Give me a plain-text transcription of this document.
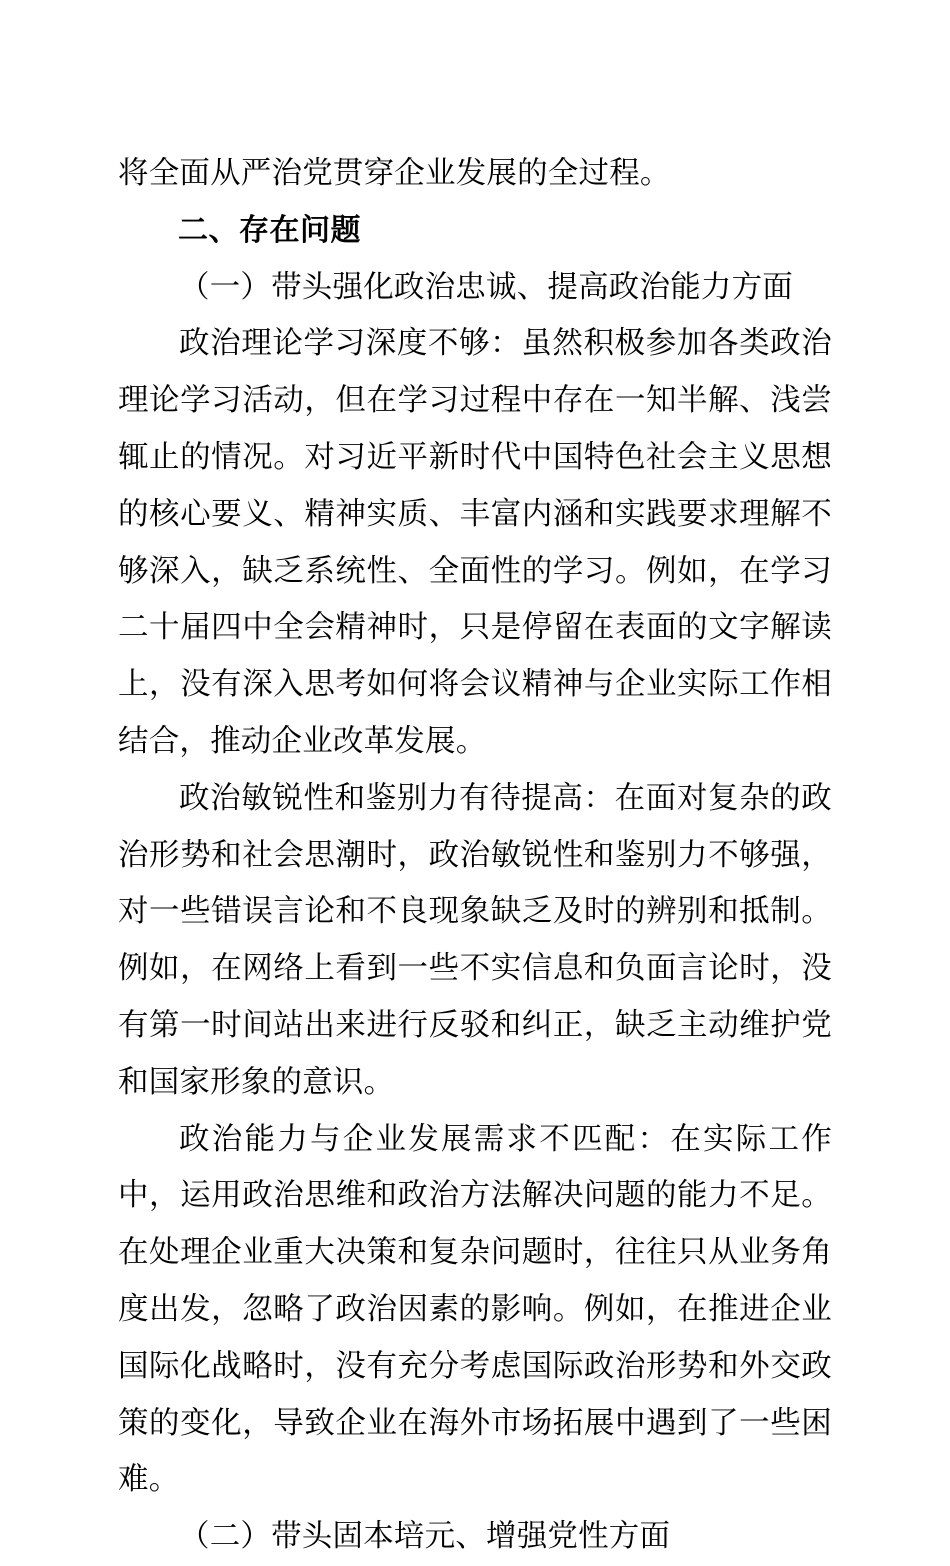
将全面从严治党贯穿企业发展的全过程。

二、存在问题
（一）带头强化政治忠诚、提高政治能力方面

政治理论学习深度不够：虽然积极参加各类政治理论学习活动，但在学习过程中存在一知半解、浅尝辄止的情况。对习近平新时代中国特色社会主义思想的核心要义、精神实质、丰富内涵和实践要求理解不够深入，缺乏系统性、全面性的学习。例如，在学习二十届四中全会精神时，只是停留在表面的文字解读上，没有深入思考如何将会议精神与企业实际工作相结合，推动企业改革发展。

政治敏锐性和鉴别力有待提高：在面对复杂的政治形势和社会思潮时，政治敏锐性和鉴别力不够强，对一些错误言论和不良现象缺乏及时的辨别和抵制。例如，在网络上看到一些不实信息和负面言论时，没有第一时间站出来进行反驳和纠正，缺乏主动维护党和国家形象的意识。

政治能力与企业发展需求不匹配：在实际工作中，运用政治思维和政治方法解决问题的能力不足。在处理企业重大决策和复杂问题时，往往只从业务角度出发，忽略了政治因素的影响。例如，在推进企业国际化战略时，没有充分考虑国际政治形势和外交政策的变化，导致企业在海外市场拓展中遇到了一些困难。

（二）带头固本培元、增强党性方面
